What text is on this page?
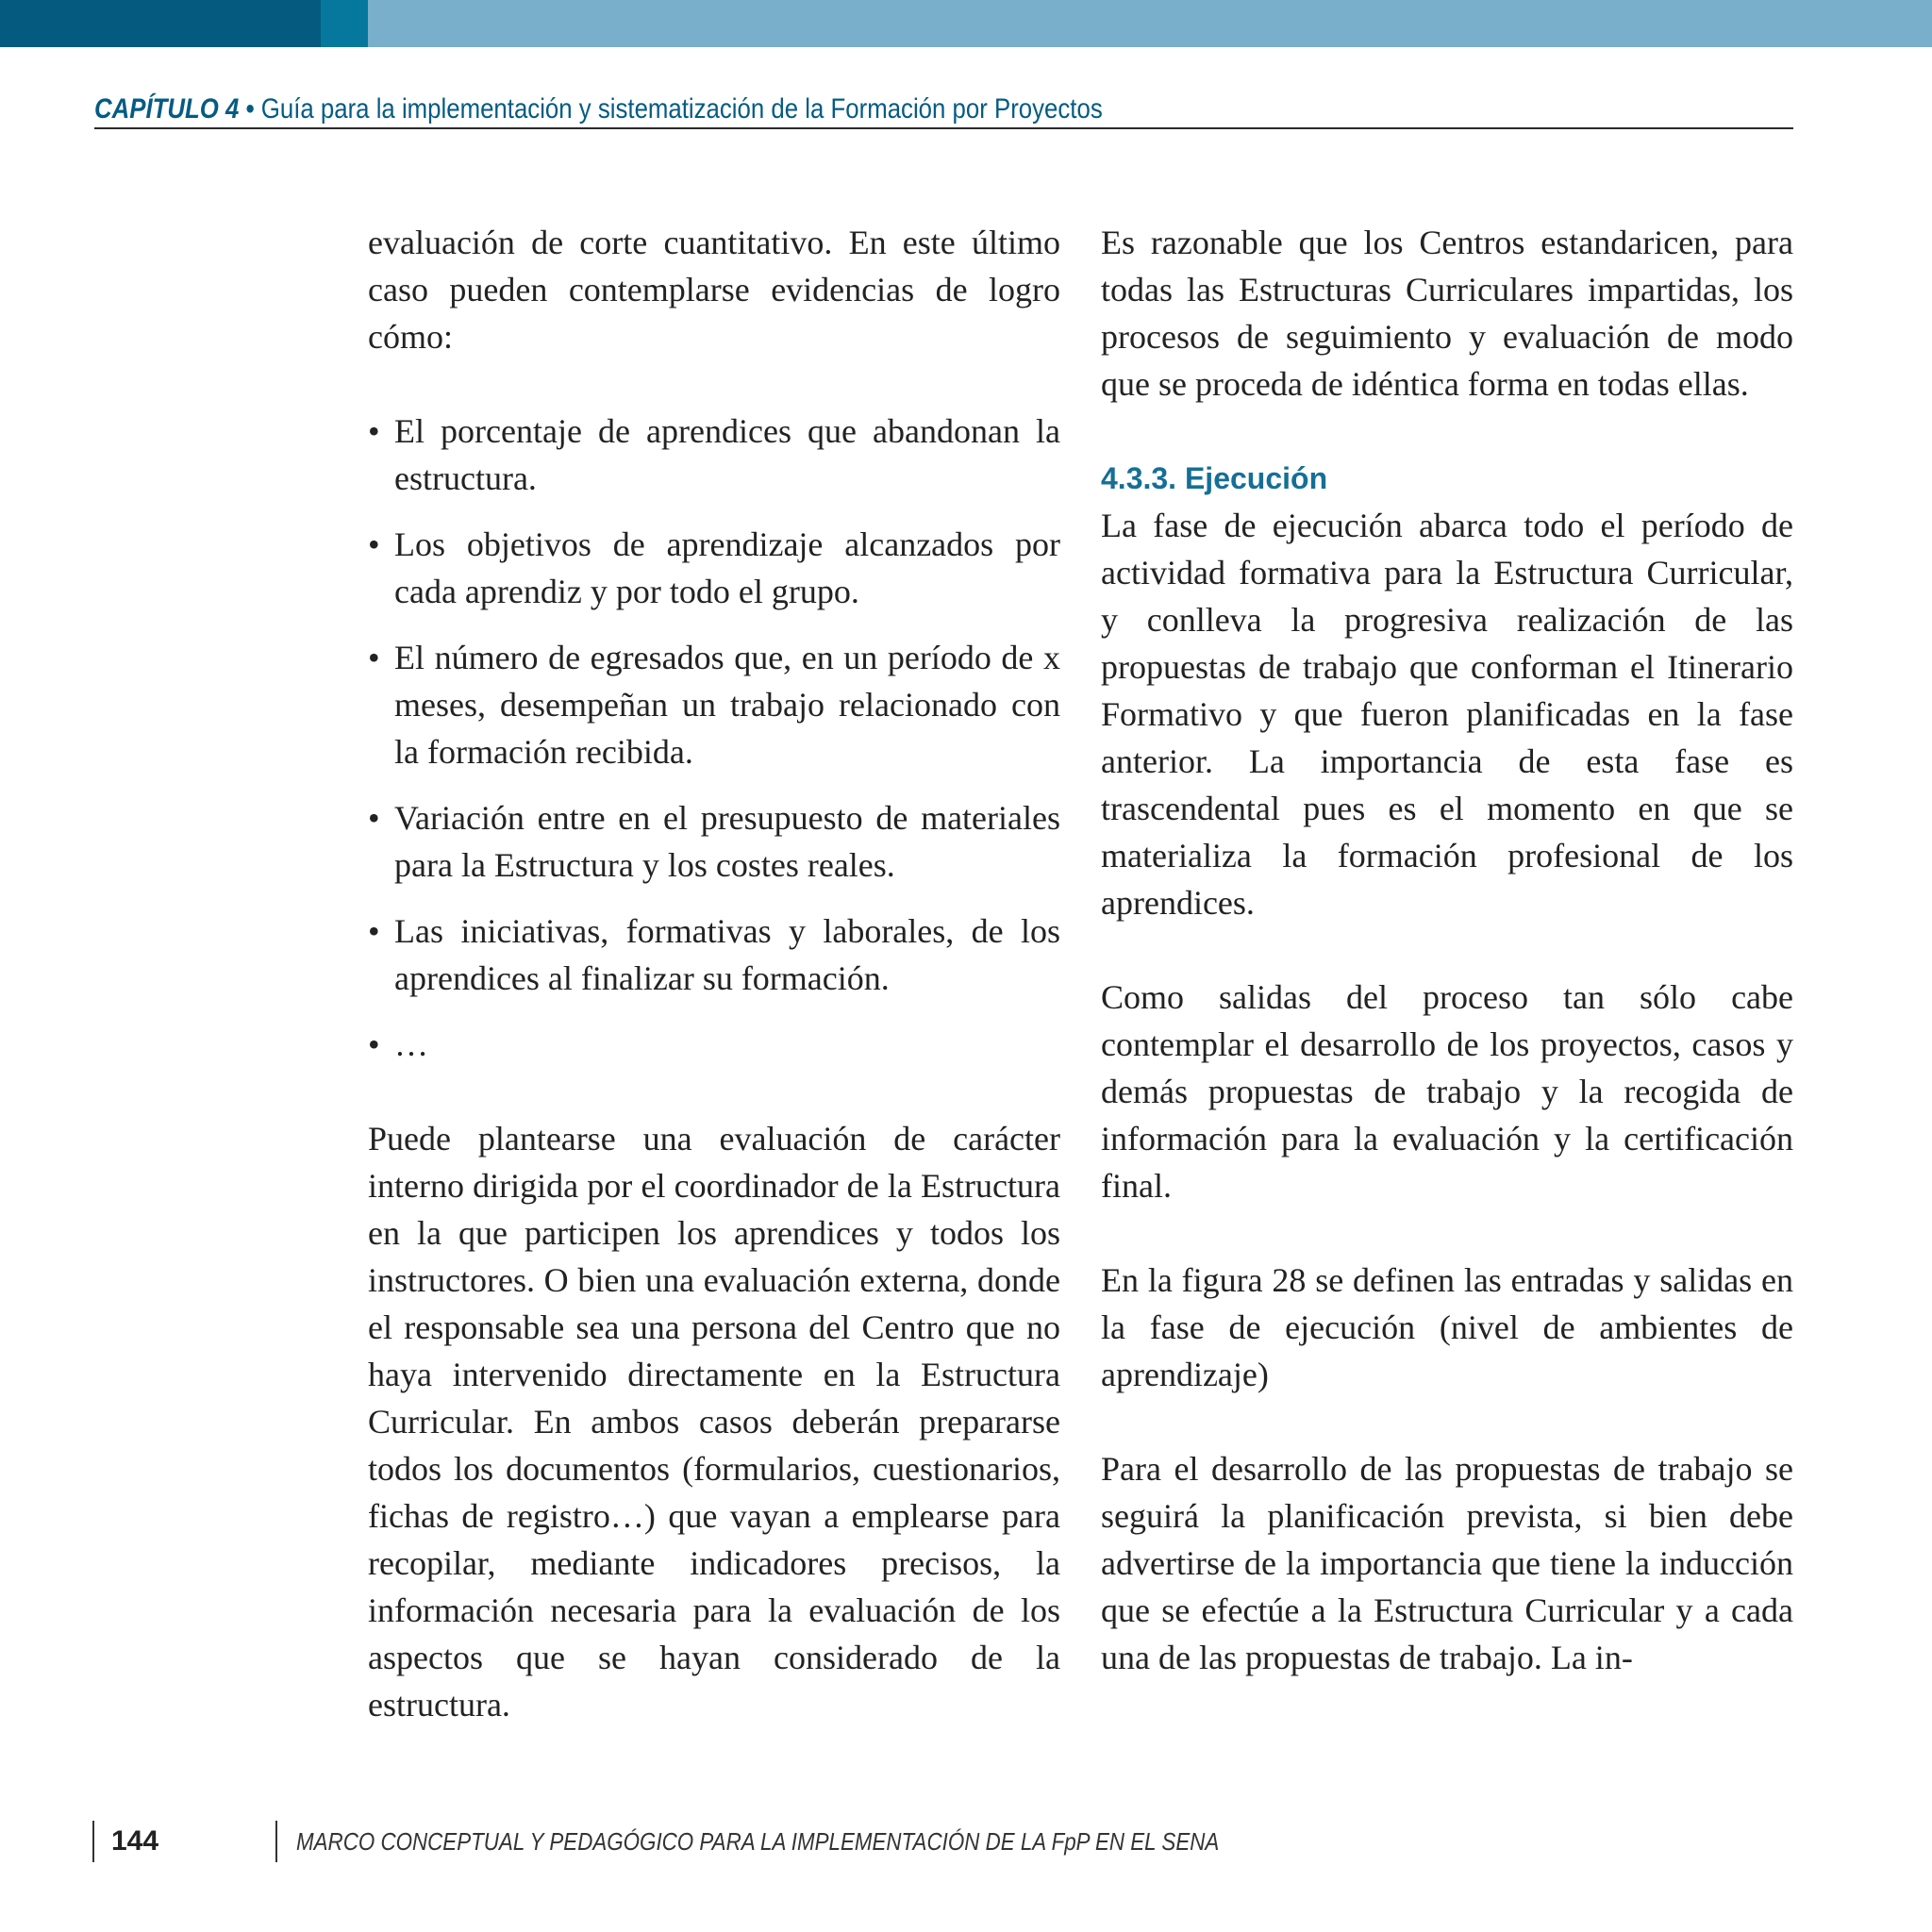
CAPÍTULO 4 • Guía para la implementación y sistematización de la Formación por Proyectos

evaluación de corte cuantitativo. En este último caso pueden contemplarse evidencias de logro cómo:

• El porcentaje de aprendices que abandonan la estructura.
• Los objetivos de aprendizaje alcanzados por cada aprendiz y por todo el grupo.
• El número de egresados que, en un período de x meses, desempeñan un trabajo relacionado con la formación recibida.
• Variación entre en el presupuesto de materiales para la Estructura y los costes reales.
• Las iniciativas, formativas y laborales, de los aprendices al finalizar su formación.
• …

Puede plantearse una evaluación de carácter interno dirigida por el coordinador de la Estructura en la que participen los aprendices y todos los instructores. O bien una evaluación externa, donde el responsable sea una persona del Centro que no haya intervenido directamente en la Estructura Curricular. En ambos casos deberán prepararse todos los documentos (formularios, cuestionarios, fichas de registro…) que vayan a emplearse para recopilar, mediante indicadores precisos, la información necesaria para la evaluación de los aspectos que se hayan considerado de la estructura.

Es razonable que los Centros estandaricen, para todas las Estructuras Curriculares impartidas, los procesos de seguimiento y evaluación de modo que se proceda de idéntica forma en todas ellas.

4.3.3. Ejecución

La fase de ejecución abarca todo el período de actividad formativa para la Estructura Curricular, y conlleva la progresiva realización de las propuestas de trabajo que conforman el Itinerario Formativo y que fueron planificadas en la fase anterior. La importancia de esta fase es trascendental pues es el momento en que se materializa la formación profesional de los aprendices.

Como salidas del proceso tan sólo cabe contemplar el desarrollo de los proyectos, casos y demás propuestas de trabajo y la recogida de información para la evaluación y la certificación final.

En la figura 28 se definen las entradas y salidas en la fase de ejecución (nivel de ambientes de aprendizaje)

Para el desarrollo de las propuestas de trabajo se seguirá la planificación prevista, si bien debe advertirse de la importancia que tiene la inducción que se efectúe a la Estructura Curricular y a cada una de las propuestas de trabajo. La in-

144	MARCO CONCEPTUAL Y PEDAGÓGICO PARA LA IMPLEMENTACIÓN DE LA FpP EN EL SENA
